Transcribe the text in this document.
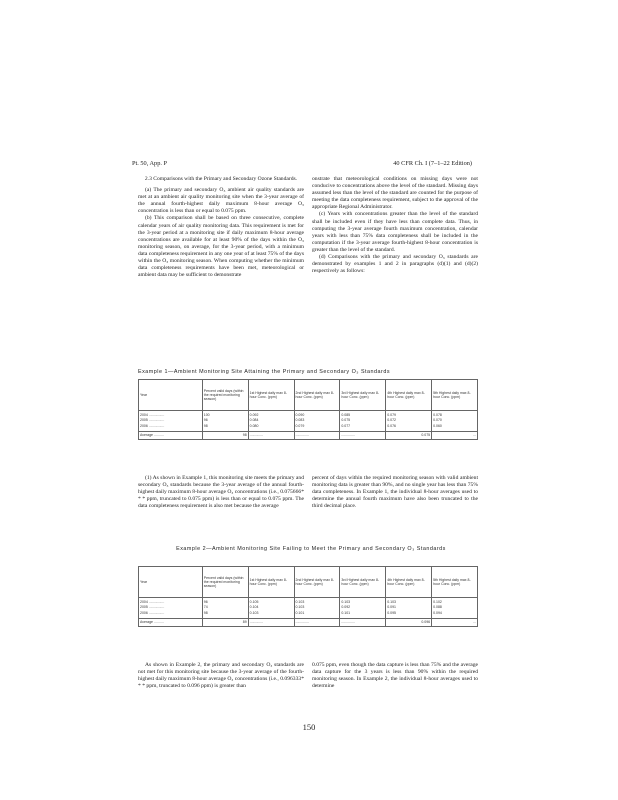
Pt. 50, App. P	40 CFR Ch. I (7–1–22 Edition)

2.3 Comparisons with the Primary and Secondary Ozone Standards.

(a) The primary and secondary O₃ ambient air quality standards are met at an ambient air quality monitoring site when the 3-year average of the annual fourth-highest daily maximum 8-hour average O₃ concentration is less than or equal to 0.075 ppm.

(b) This comparison shall be based on three consecutive, complete calendar years of air quality monitoring data. This requirement is met for the 3-year period at a monitoring site if daily maximum 8-hour average concentrations are available for at least 90% of the days within the O₃ monitoring season, on average, for the 3-year period, with a minimum data completeness requirement in any one year of at least 75% of the days within the O₃ monitoring season. When computing whether the minimum data completeness requirements have been met, meteorological or ambient data may be sufficient to demonstrate

onstrate that meteorological conditions on missing days were not conducive to concentrations above the level of the standard. Missing days assumed less than the level of the standard are counted for the purpose of meeting the data completeness requirement, subject to the approval of the appropriate Regional Administrator.

(c) Years with concentrations greater than the level of the standard shall be included even if they have less than complete data. Thus, in computing the 3-year average fourth maximum concentration, calendar years with less than 75% data completeness shall be included in the computation if the 3-year average fourth-highest 8-hour concentration is greater than the level of the standard.

(d) Comparisons with the primary and secondary O₃ standards are demonstrated by examples 1 and 2 in paragraphs (d)(1) and (d)(2) respectively as follows:

Example 1—Ambient Monitoring Site Attaining the Primary and Secondary O₃ Standards
Year	Percent valid days (within the required monitoring season)	1st Highest daily max 8-hour Conc. (ppm)	2nd Highest daily max 8-hour Conc. (ppm)	3rd Highest daily max 8-hour Conc. (ppm)	4th Highest daily max 8-hour Conc. (ppm)	5th Highest daily max 8-hour Conc. (ppm)
2004 ................	100	0.092	0.090	0.085	0.079	0.078
2005 ................	96	0.084	0.083	0.075	0.072	0.070
2006 ................	98	0.080	0.079	0.077	0.076	0.060
Average ..........	98	..............	..............	..............	0.075	...

(1) As shown in Example 1, this monitoring site meets the primary and secondary O₃ standards because the 3-year average of the annual fourth-highest daily maximum 8-hour average O₃ concentrations (i.e., 0.075666* * * ppm, truncated to 0.075 ppm) is less than or equal to 0.075 ppm. The data completeness requirement is also met because the average

percent of days within the required monitoring season with valid ambient monitoring data is greater than 90%, and no single year has less than 75% data completeness. In Example 1, the individual 8-hour averages used to determine the annual fourth maximum have also been truncated to the third decimal place.

Example 2—Ambient Monitoring Site Failing to Meet the Primary and Secondary O₃ Standards
Year	Percent valid days (within the required monitoring season)	1st Highest daily max 8-hour Conc. (ppm)	2nd Highest daily max 8-hour Conc. (ppm)	3rd Highest daily max 8-hour Conc. (ppm)	4th Highest daily max 8-hour Conc. (ppm)	5th Highest daily max 8-hour Conc. (ppm)
2004 ................	96	0.105	0.103	0.103	0.103	0.102
2005 ................	74	0.104	0.103	0.092	0.091	0.088
2006 ................	98	0.103	0.101	0.101	0.095	0.094
Average ..........	89	..............	..............	..............	0.096	...

As shown in Example 2, the primary and secondary O₃ standards are not met for this monitoring site because the 3-year average of the fourth-highest daily maximum 8-hour average O₃ concentrations (i.e., 0.096333* * * ppm, truncated to 0.096 ppm) is greater than

0.075 ppm, even though the data capture is less than 75% and the average data capture for the 3 years is less than 90% within the required monitoring season. In Example 2, the individual 8-hour averages used to determine

150
